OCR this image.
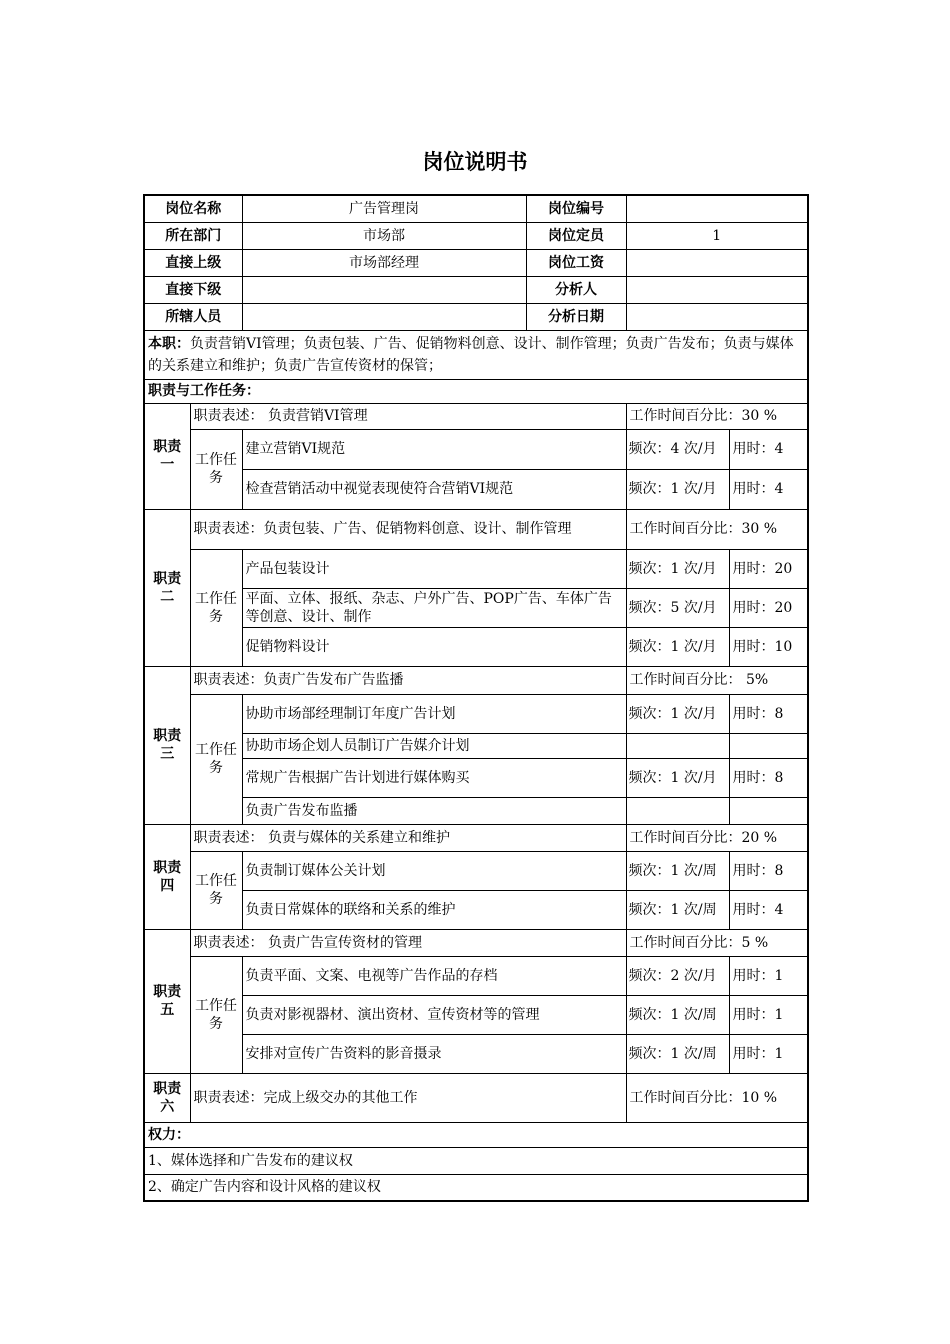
岗位说明书
岗位名称		广告管理岗	岗位编号		
所在部门		市场部	岗位定员	1	
直接上级		市场部经理	岗位工资		
直接下级			分析人		
所辖人员			分析日期		
本职：负责营销VI管理；负责包装、广告、促销物料创意、设计、制作管理；负责广告发布；负责与媒体的关系建立和维护；负责广告宣传资材的保管；					
职责与工作任务：					
职责一	职责表述： 负责营销VI管理			工作时间百分比：30 %	
	工作任务	建立营销VI规范		频次：4 次/月	用时：4
		检查营销活动中视觉表现使符合营销VI规范		频次：1 次/月	用时：4
职责二	职责表述：负责包装、广告、促销物料创意、设计、制作管理			工作时间百分比：30 %	
	工作任务	产品包装设计		频次：1 次/月	用时：20
		平面、立体、报纸、杂志、户外广告、POP广告、车体广告等创意、设计、制作		频次：5 次/月	用时：20
		促销物料设计		频次：1 次/月	用时：10
职责三	职责表述：负责广告发布广告监播			工作时间百分比： 5%	
	工作任务	协助市场部经理制订年度广告计划		频次：1 次/月	用时：8
		协助市场企划人员制订广告媒介计划			
		常规广告根据广告计划进行媒体购买		频次：1 次/月	用时：8
		负责广告发布监播			
职责四	职责表述： 负责与媒体的关系建立和维护			工作时间百分比：20 %	
	工作任务	负责制订媒体公关计划		频次：1 次/周	用时：8
		负责日常媒体的联络和关系的维护		频次：1 次/周	用时：4
职责五	职责表述： 负责广告宣传资材的管理			工作时间百分比：5 %	
	工作任务	负责平面、文案、电视等广告作品的存档		频次：2 次/月	用时：1
		负责对影视器材、演出资材、宣传资材等的管理		频次：1 次/周	用时：1
		安排对宣传广告资料的影音摄录		频次：1 次/周	用时：1
职责六	职责表述：完成上级交办的其他工作			工作时间百分比：10 %	
权力：					
1、媒体选择和广告发布的建议权					
2、确定广告内容和设计风格的建议权					
